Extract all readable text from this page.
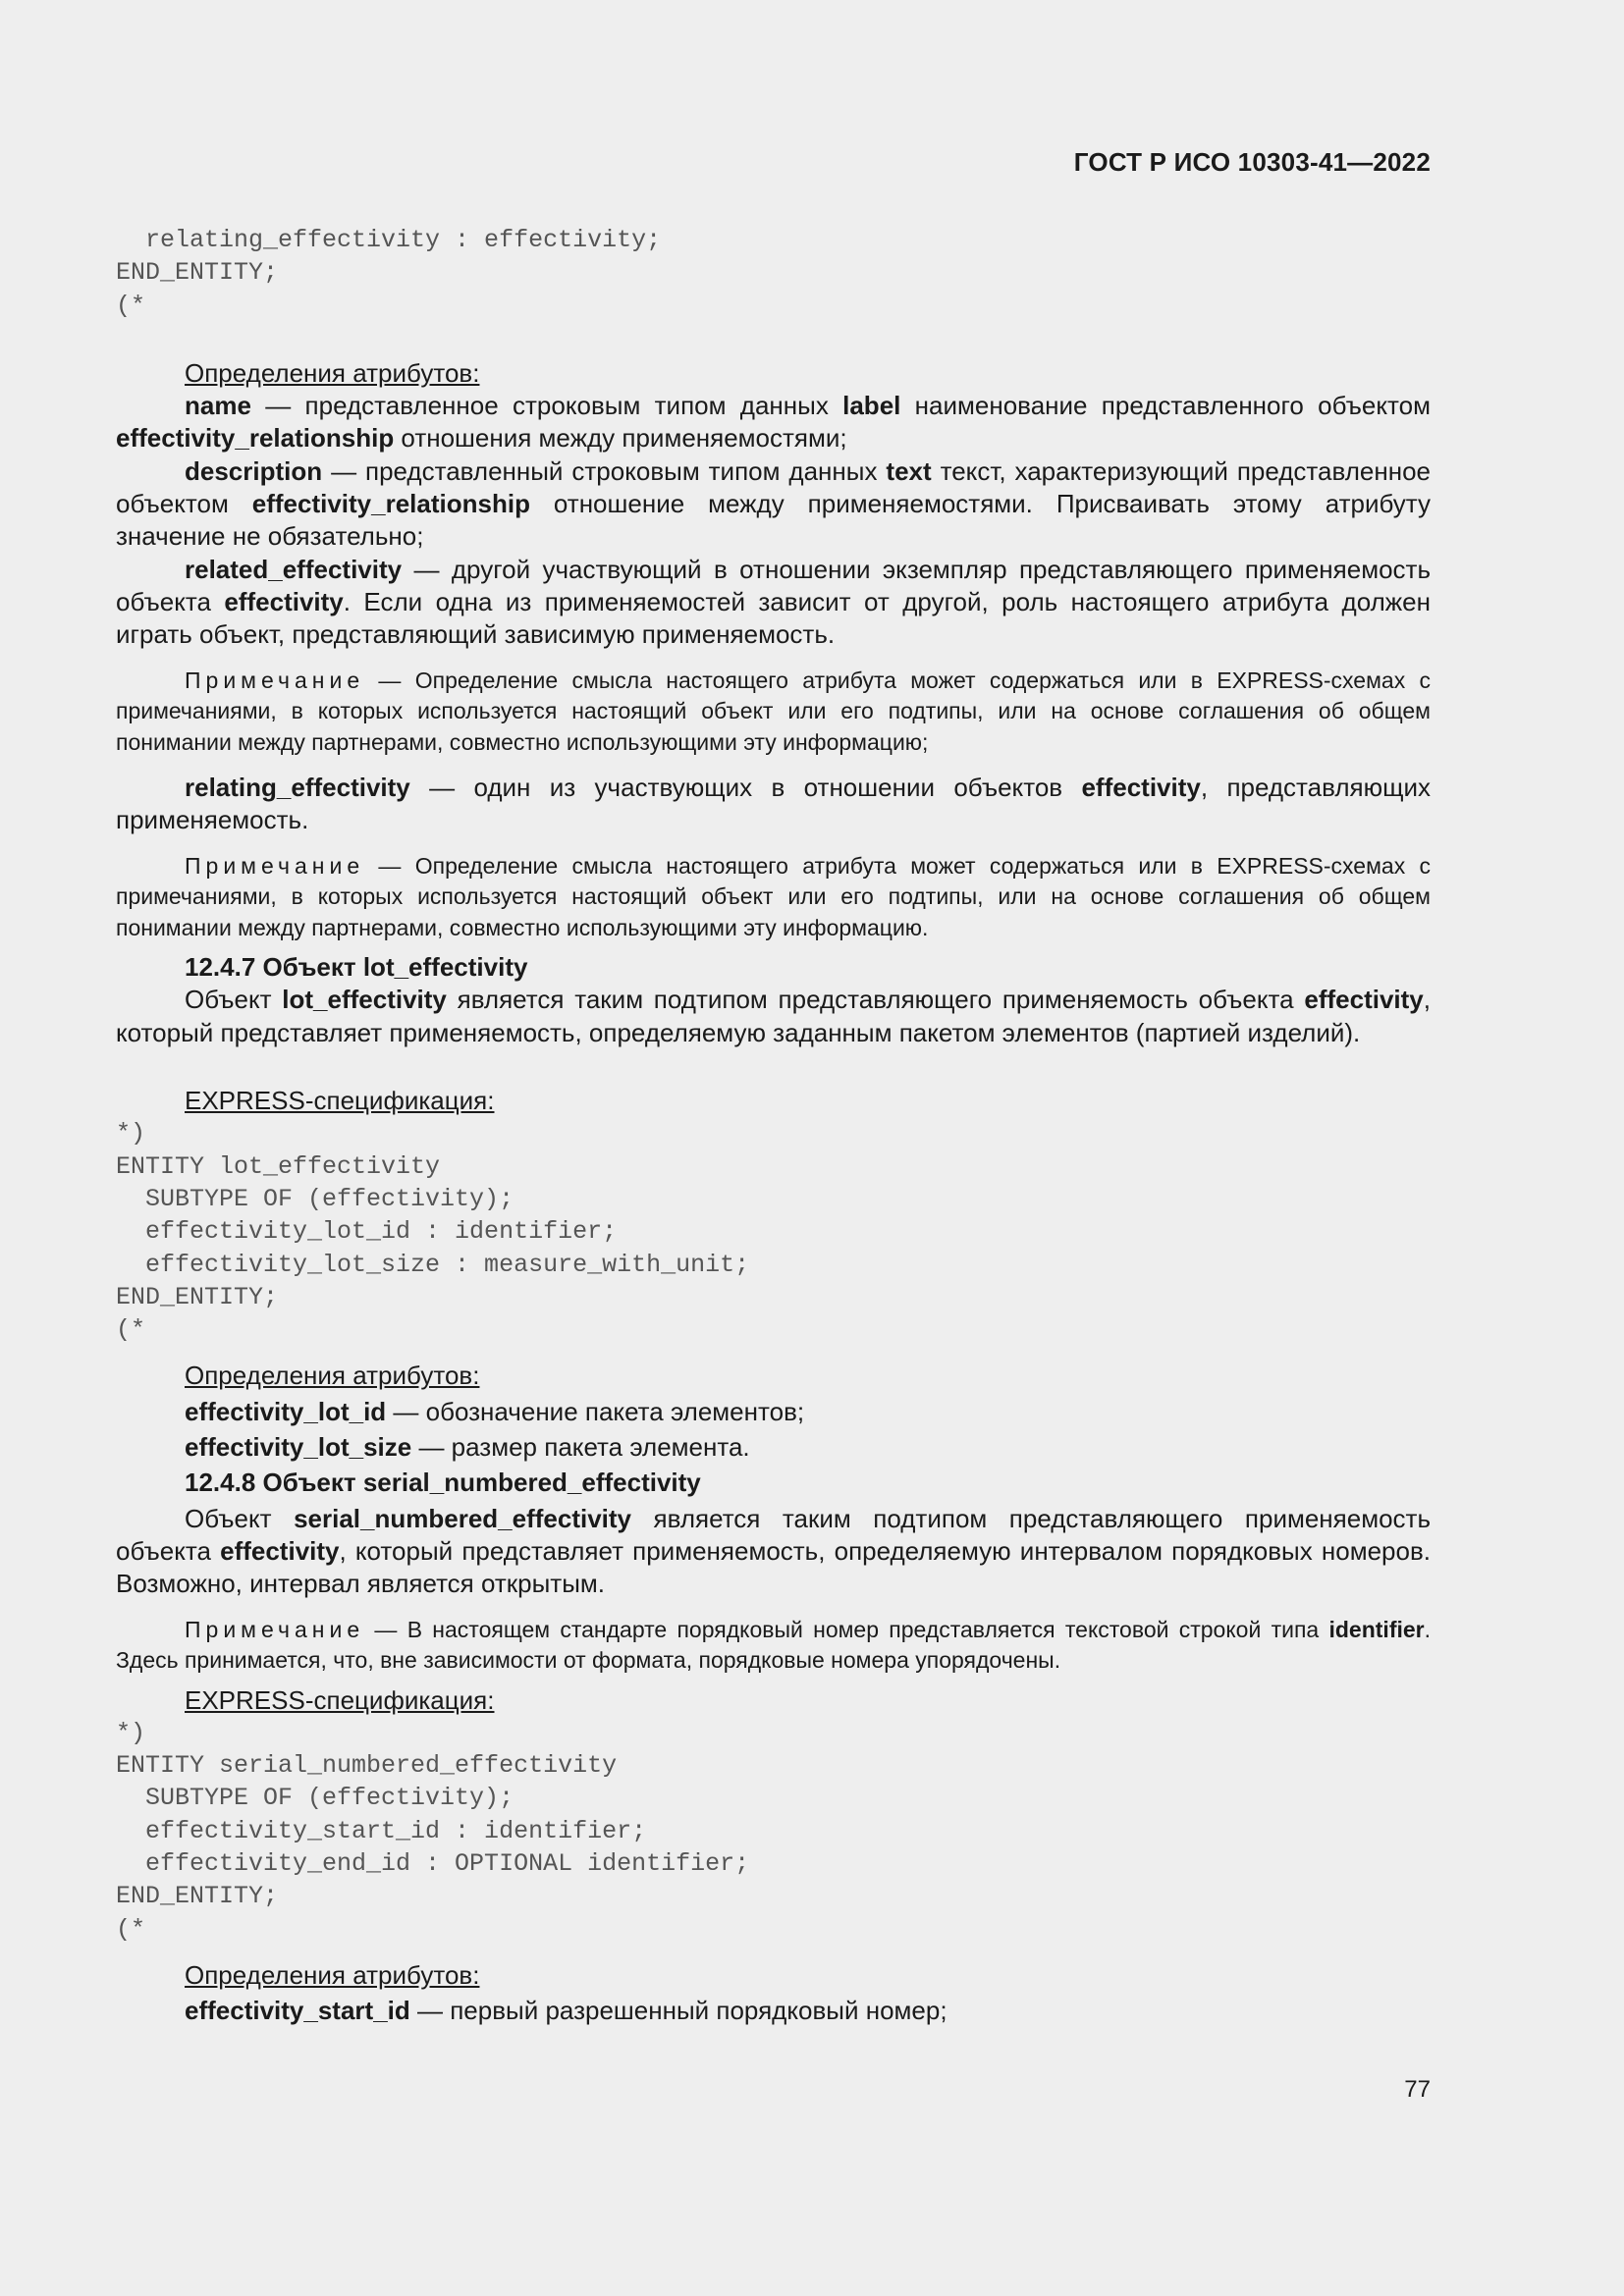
ГОСТ Р ИСО 10303-41—2022
relating_effectivity : effectivity;
END_ENTITY;
(*

Определения атрибутов:

name — представленное строковым типом данных label наименование представленного объектом effectivity_relationship отношения между применяемостями;

description — представленный строковым типом данных text текст, характеризующий представленное объектом effectivity_relationship отношение между применяемостями. Присваивать этому атрибуту значение не обязательно;

related_effectivity — другой участвующий в отношении экземпляр представляющего применяемость объекта effectivity. Если одна из применяемостей зависит от другой, роль настоящего атрибута должен играть объект, представляющий зависимую применяемость.

Примечание — Определение смысла настоящего атрибута может содержаться или в EXPRESS-схемах с примечаниями, в которых используется настоящий объект или его подтипы, или на основе соглашения об общем понимании между партнерами, совместно использующими эту информацию;

relating_effectivity — один из участвующих в отношении объектов effectivity, представляющих применяемость.

Примечание — Определение смысла настоящего атрибута может содержаться или в EXPRESS-схемах с примечаниями, в которых используется настоящий объект или его подтипы, или на основе соглашения об общем понимании между партнерами, совместно использующими эту информацию.

12.4.7 Объект lot_effectivity

Объект lot_effectivity является таким подтипом представляющего применяемость объекта effectivity, который представляет применяемость, определяемую заданным пакетом элементов (партией изделий).

EXPRESS-спецификация:

*)
ENTITY lot_effectivity
SUBTYPE OF (effectivity);
effectivity_lot_id : identifier;
effectivity_lot_size : measure_with_unit;
END_ENTITY;
(*

Определения атрибутов:

effectivity_lot_id — обозначение пакета элементов;

effectivity_lot_size — размер пакета элемента.

12.4.8 Объект serial_numbered_effectivity

Объект serial_numbered_effectivity является таким подтипом представляющего применяемость объекта effectivity, который представляет применяемость, определяемую интервалом порядковых номеров. Возможно, интервал является открытым.

Примечание — В настоящем стандарте порядковый номер представляется текстовой строкой типа identifier. Здесь принимается, что, вне зависимости от формата, порядковые номера упорядочены.

EXPRESS-спецификация:

*)
ENTITY serial_numbered_effectivity
SUBTYPE OF (effectivity);
effectivity_start_id : identifier;
effectivity_end_id : OPTIONAL identifier;
END_ENTITY;
(*

Определения атрибутов:

effectivity_start_id — первый разрешенный порядковый номер;

77
